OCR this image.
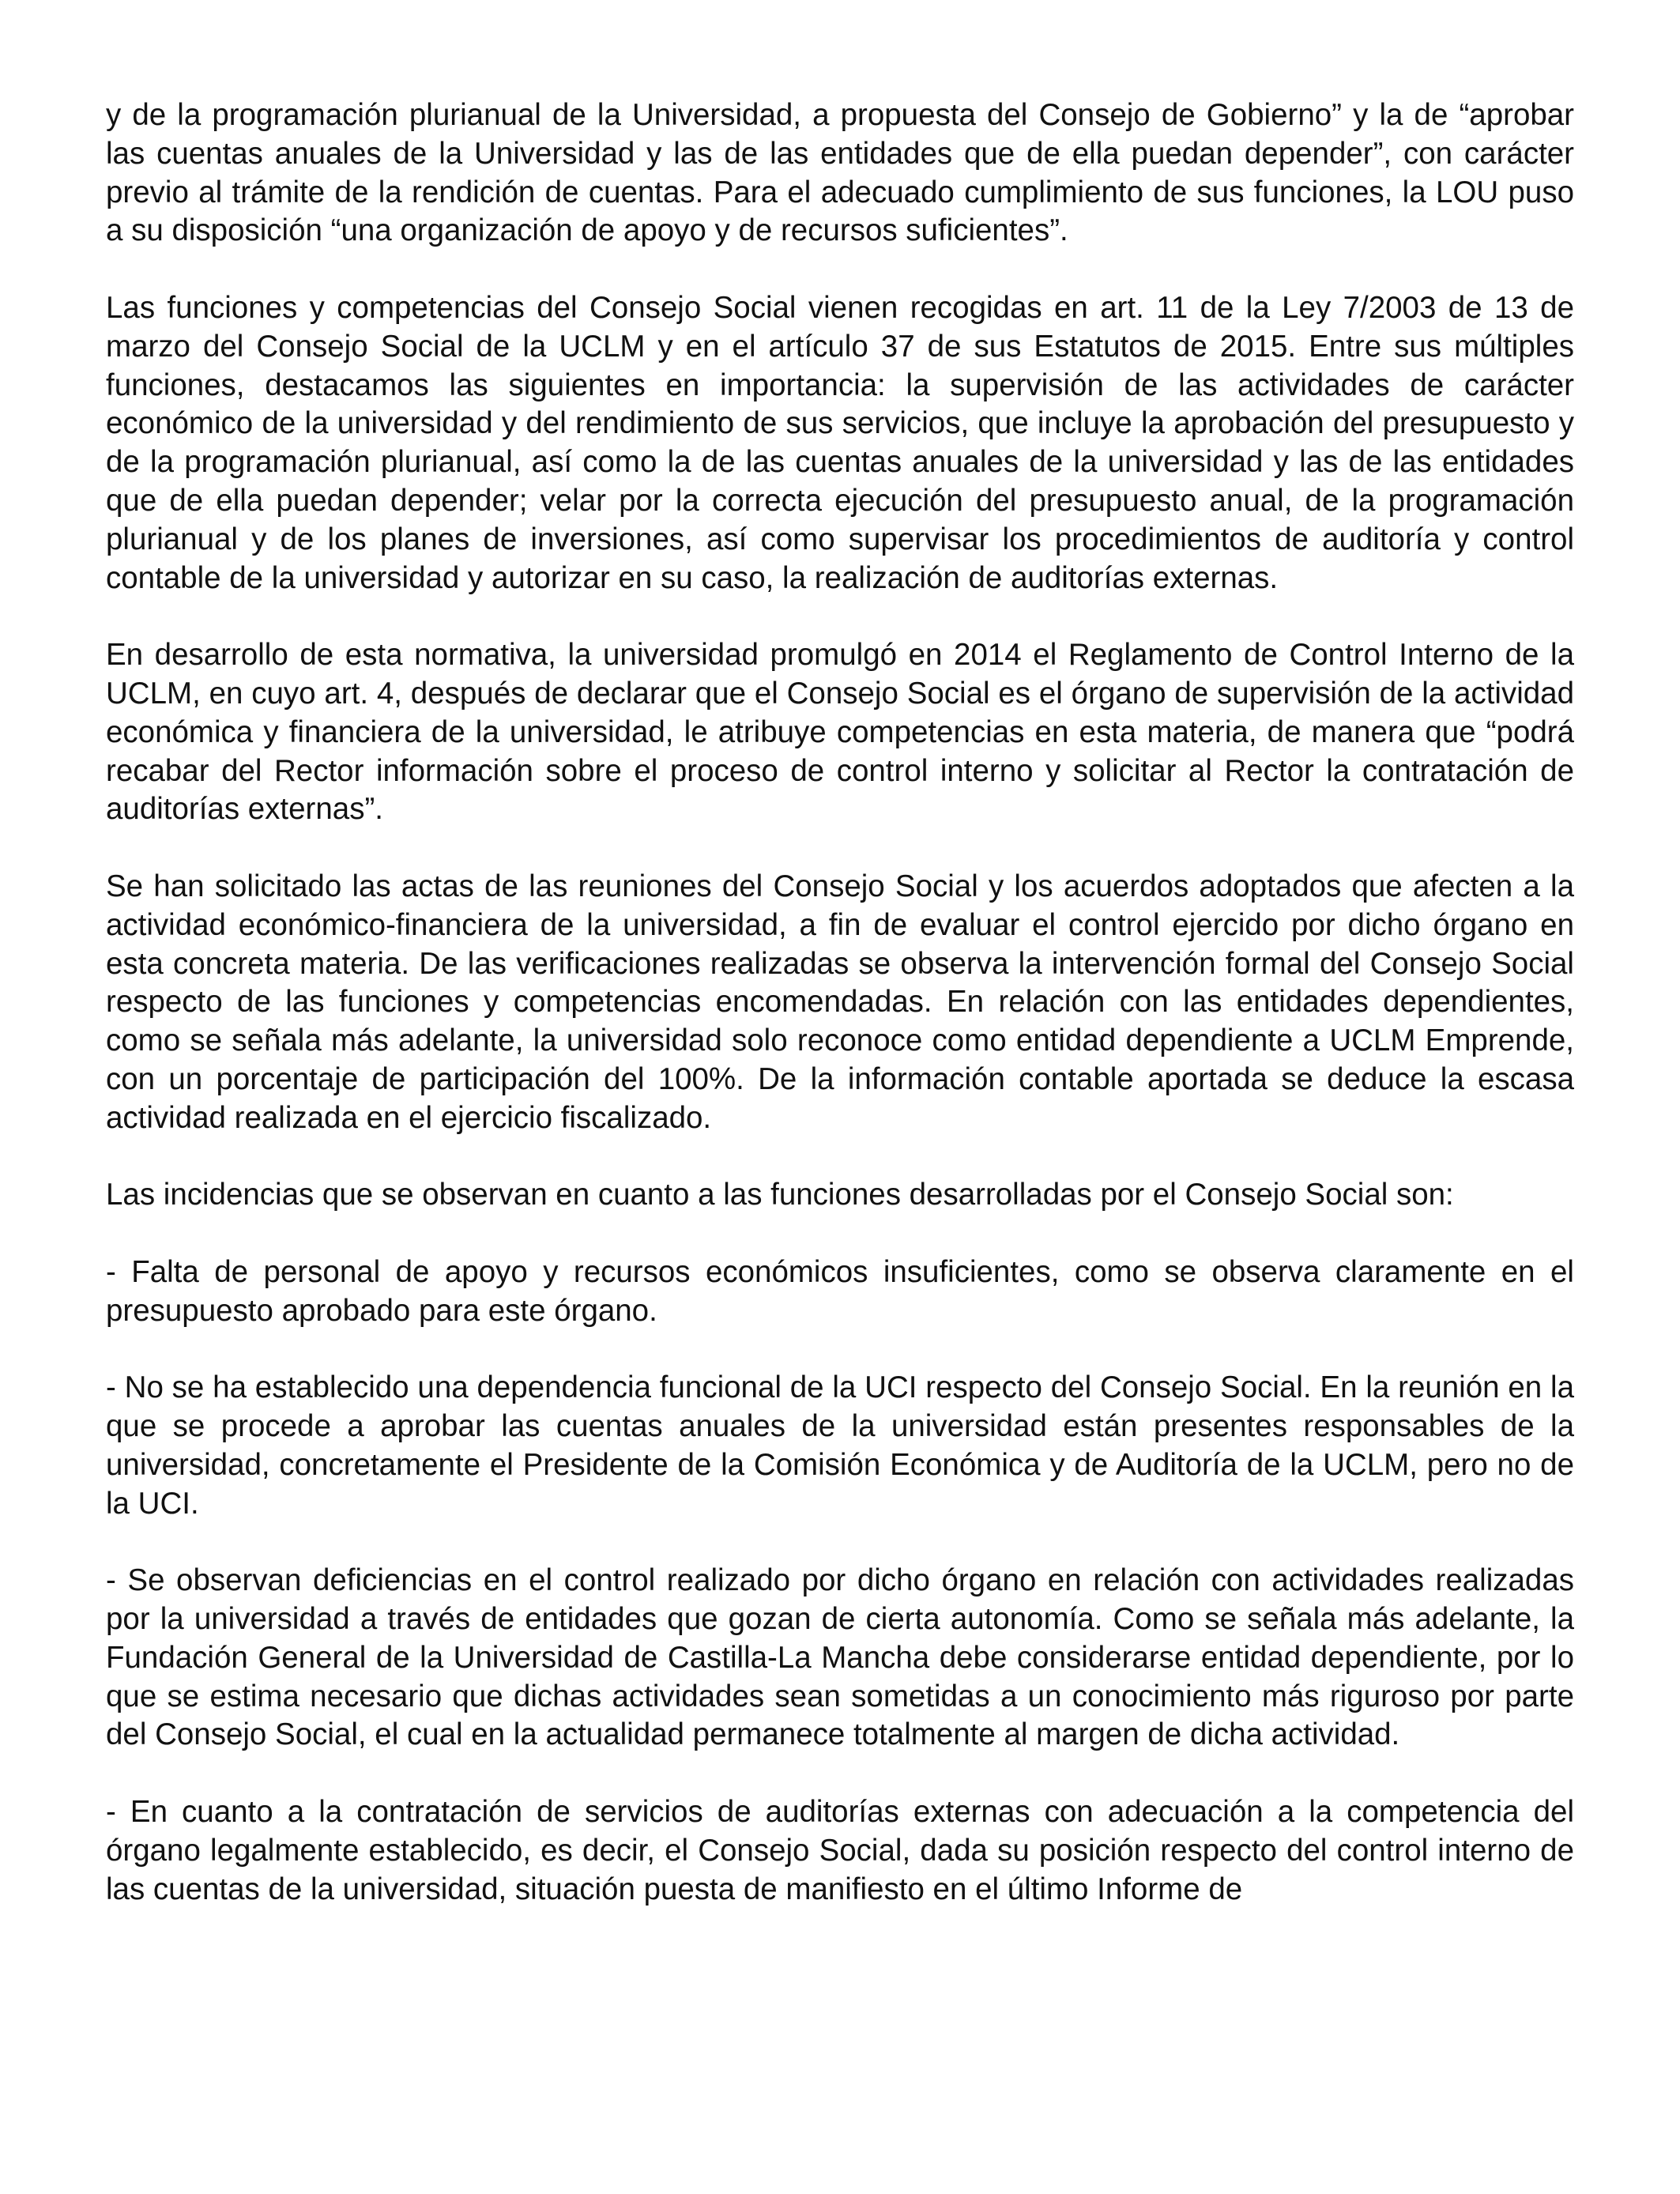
y de la programación plurianual de la Universidad, a propuesta del Consejo de Gobierno” y la de “aprobar las cuentas anuales de la Universidad y las de las entidades que de ella puedan depender”, con carácter previo al trámite de la rendición de cuentas. Para el adecuado cumplimiento de sus funciones, la LOU puso a su disposición “una organización de apoyo y de recursos suficientes”.

Las funciones y competencias del Consejo Social vienen recogidas en art. 11 de la Ley 7/2003 de 13 de marzo del Consejo Social de la UCLM y en el artículo 37 de sus Estatutos de 2015. Entre sus múltiples funciones, destacamos las siguientes en importancia: la supervisión de las actividades de carácter económico de la universidad y del rendimiento de sus servicios, que incluye la aprobación del presupuesto y de la programación plurianual, así como la de las cuentas anuales de la universidad y las de las entidades que de ella puedan depender; velar por la correcta ejecución del presupuesto anual, de la programación plurianual y de los planes de inversiones, así como supervisar los procedimientos de auditoría y control contable de la universidad y autorizar en su caso, la realización de auditorías externas.

En desarrollo de esta normativa, la universidad promulgó en 2014 el Reglamento de Control Interno de la UCLM, en cuyo art. 4, después de declarar que el Consejo Social es el órgano de supervisión de la actividad económica y financiera de la universidad, le atribuye competencias en esta materia, de manera que “podrá recabar del Rector información sobre el proceso de control interno y solicitar al Rector la contratación de auditorías externas”.

Se han solicitado las actas de las reuniones del Consejo Social y los acuerdos adoptados que afecten a la actividad económico-financiera de la universidad, a fin de evaluar el control ejercido por dicho órgano en esta concreta materia. De las verificaciones realizadas se observa la intervención formal del Consejo Social respecto de las funciones y competencias encomendadas. En relación con las entidades dependientes, como se señala más adelante, la universidad solo reconoce como entidad dependiente a UCLM Emprende, con un porcentaje de participación del 100%. De la información contable aportada se deduce la escasa actividad realizada en el ejercicio fiscalizado.

Las incidencias que se observan en cuanto a las funciones desarrolladas por el Consejo Social son:

- Falta de personal de apoyo y recursos económicos insuficientes, como se observa claramente en el presupuesto aprobado para este órgano.

- No se ha establecido una dependencia funcional de la UCI respecto del Consejo Social. En la reunión en la que se procede a aprobar las cuentas anuales de la universidad están presentes responsables de la universidad, concretamente el Presidente de la Comisión Económica y de Auditoría de la UCLM, pero no de la UCI.

- Se observan deficiencias en el control realizado por dicho órgano en relación con actividades realizadas por la universidad a través de entidades que gozan de cierta autonomía. Como se señala más adelante, la Fundación General de la Universidad de Castilla-La Mancha debe considerarse entidad dependiente, por lo que se estima necesario que dichas actividades sean sometidas a un conocimiento más riguroso por parte del Consejo Social, el cual en la actualidad permanece totalmente al margen de dicha actividad.

- En cuanto a la contratación de servicios de auditorías externas con adecuación a la competencia del órgano legalmente establecido, es decir, el Consejo Social, dada su posición respecto del control interno de las cuentas de la universidad, situación puesta de manifiesto en el último Informe de
